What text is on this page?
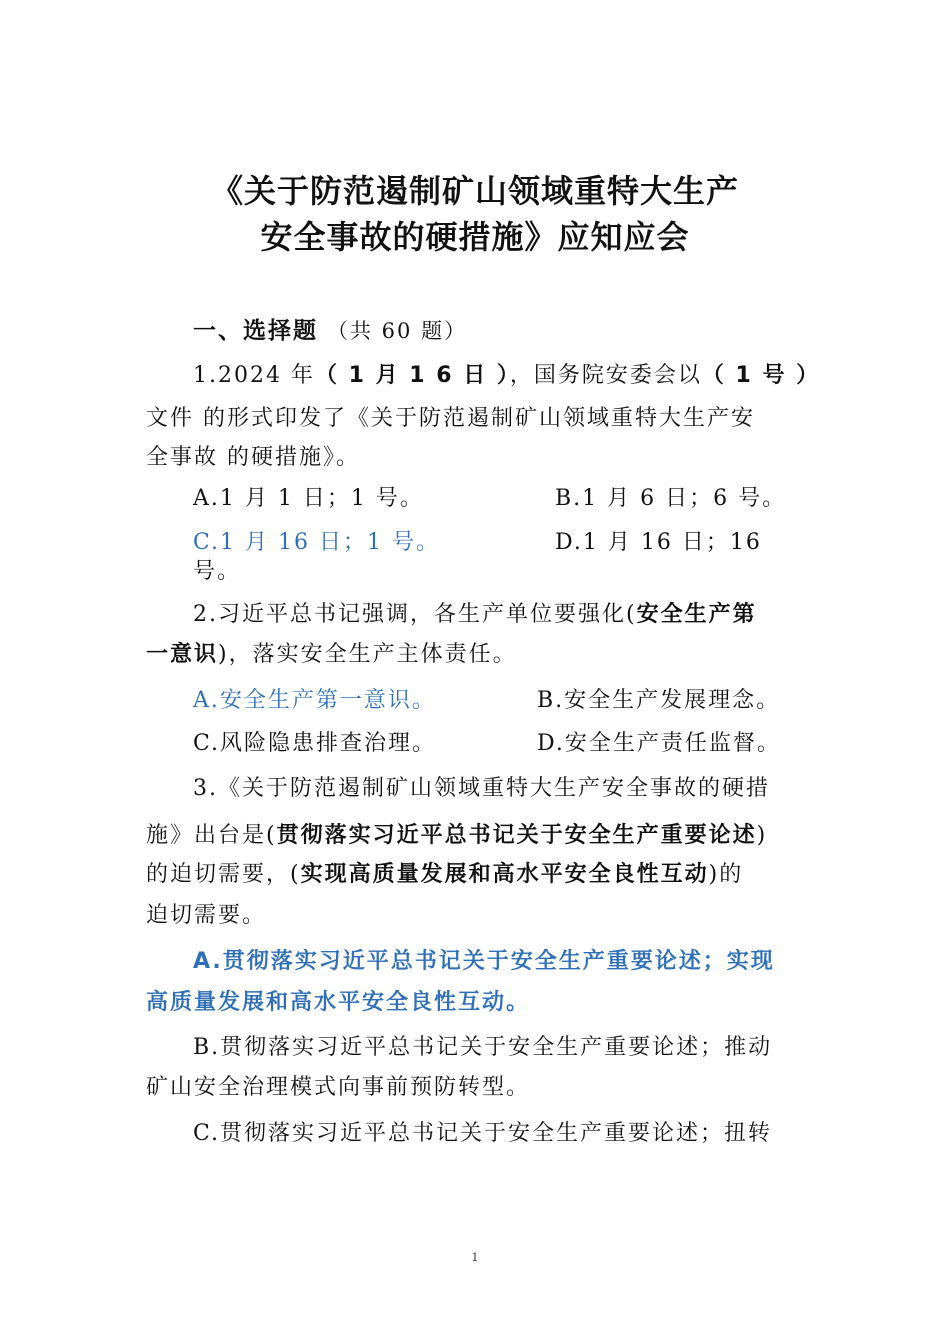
《关于防范遏制矿山领域重特大生产
安全事故的硬措施》应知应会
一、选择题 （共 60 题）
1.2024 年（ 1 月 1 6 日 ），国务院安委会以（ 1 号 ）
文件 的形式印发了《关于防范遏制矿山领域重特大生产安
全事故 的硬措施》。
A.1 月 1 日；1 号。	B.1 月 6 日；6 号。
C.1 月 16 日；1 号。	D.1 月 16 日；16
号。
2.习近平总书记强调，各生产单位要强化(安全生产第
一意识)，落实安全生产主体责任。
A.安全生产第一意识。	B.安全生产发展理念。
C.风险隐患排查治理。	D.安全生产责任监督。
3.《关于防范遏制矿山领域重特大生产安全事故的硬措
施》出台是(贯彻落实习近平总书记关于安全生产重要论述)
的迫切需要，(实现高质量发展和高水平安全良性互动)的
迫切需要。
A.贯彻落实习近平总书记关于安全生产重要论述；实现
高质量发展和高水平安全良性互动。
B.贯彻落实习近平总书记关于安全生产重要论述；推动
矿山安全治理模式向事前预防转型。
C.贯彻落实习近平总书记关于安全生产重要论述；扭转
1
